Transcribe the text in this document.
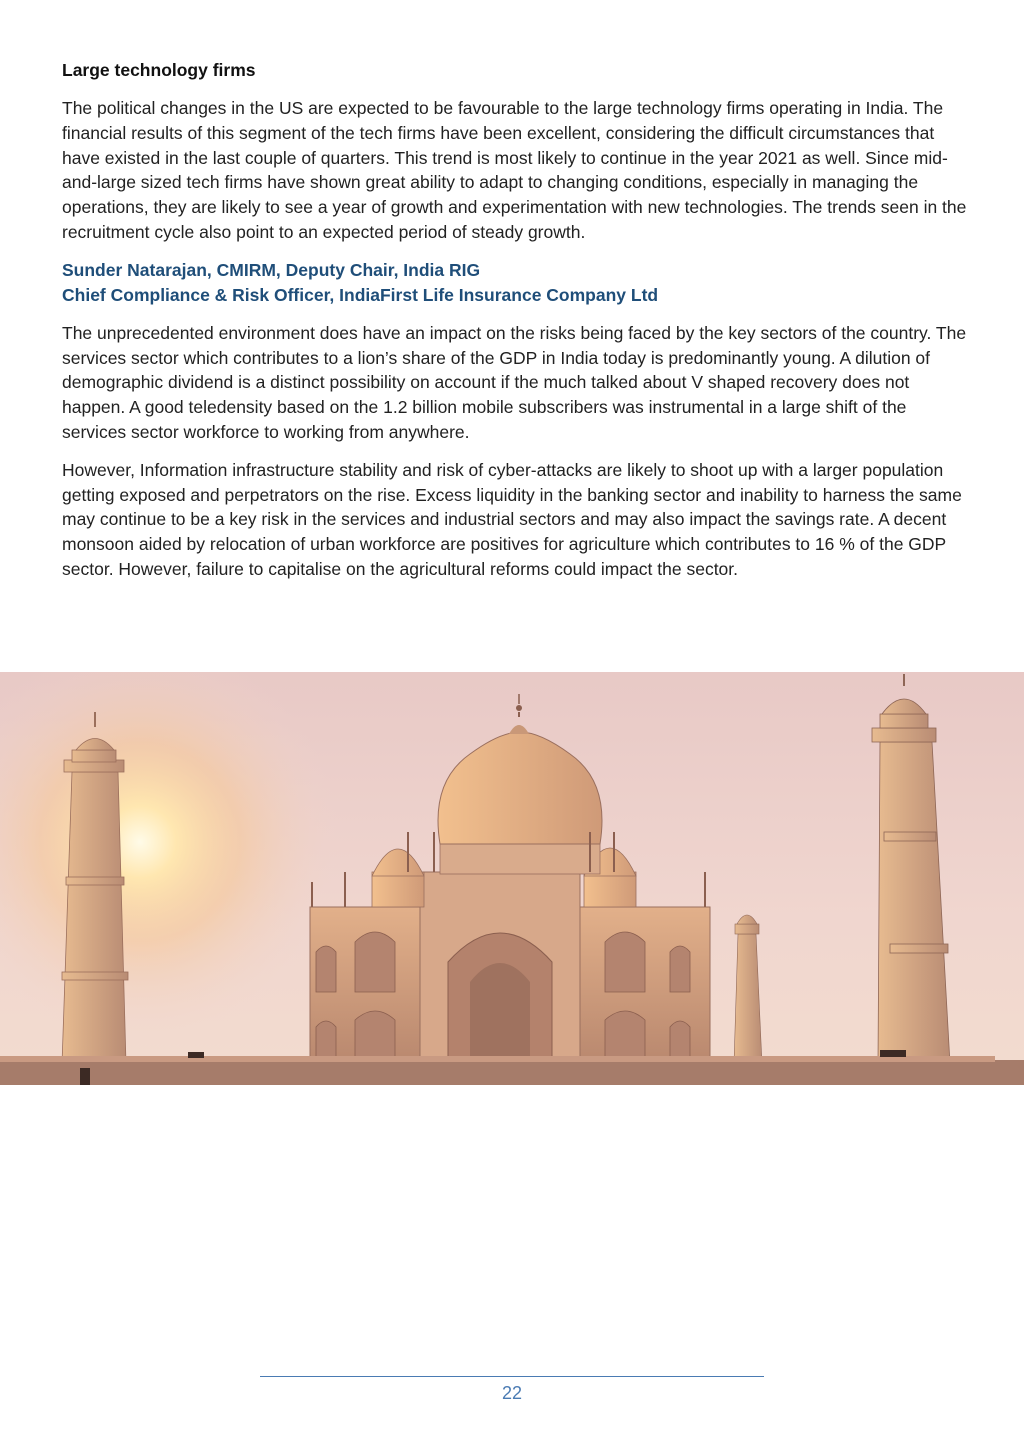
Large technology firms

The political changes in the US are expected to be favourable to the large technology firms operating in India. The financial results of this segment of the tech firms have been excellent, considering the difficult circumstances that have existed in the last couple of quarters. This trend is most likely to continue in the year 2021 as well. Since mid-and-large sized tech firms have shown great ability to adapt to changing conditions, especially in managing the operations, they are likely to see a year of growth and experimentation with new technologies. The trends seen in the recruitment cycle also point to an expected period of steady growth.

Sunder Natarajan, CMIRM, Deputy Chair, India RIG
Chief Compliance & Risk Officer, IndiaFirst Life Insurance Company Ltd

The unprecedented environment does have an impact on the risks being faced by the key sectors of the country. The services sector which contributes to a lion’s share of the GDP in India today is predominantly young. A dilution of demographic dividend is a distinct possibility on account if the much talked about V shaped recovery does not happen. A good teledensity based on the 1.2 billion mobile subscribers was instrumental in a large shift of the services sector workforce to working from anywhere.

However, Information infrastructure stability and risk of cyber-attacks are likely to shoot up with a larger population getting exposed and perpetrators on the rise. Excess liquidity in the banking sector and inability to harness the same may continue to be a key risk in the services and industrial sectors and may also impact the savings rate. A decent monsoon aided by relocation of urban workforce are positives for agriculture which contributes to 16 % of the GDP sector. However, failure to capitalise on the agricultural reforms could impact the sector.

22
